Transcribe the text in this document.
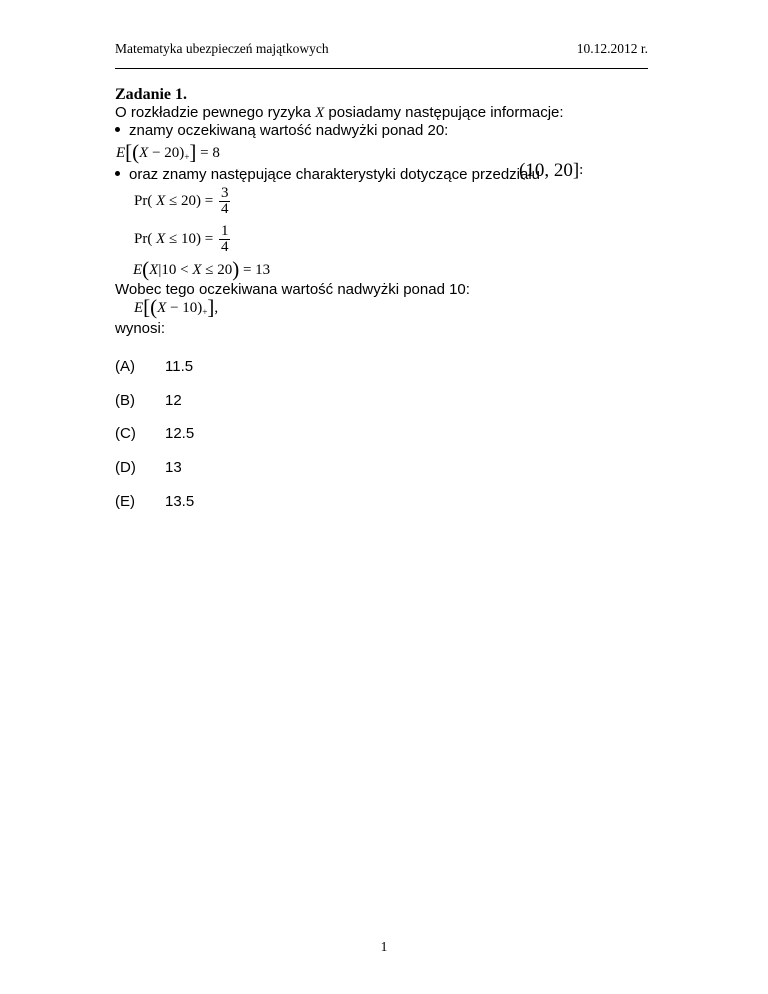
Matematyka ubezpieczeń majątkowych	10.12.2012 r.
Zadanie 1.
O rozkładzie pewnego ryzyka X posiadamy następujące informacje:
znamy oczekiwaną wartość nadwyżki ponad 20:
$E[(X - 20)_+] = 8$
oraz znamy następujące charakterystyki dotyczące przedziału
(10, 20]:
Pr( $X \le 20) = \frac{3}{4}$
Pr( $X \le 10) = \frac{1}{4}$
E(X|10 < X ≤ 20) = 13
Wobec tego oczekiwana wartość nadwyżki ponad 10:
$E[(X - 10)_+]$,
wynosi:
(A) 11.5
(B) 12
(C) 12.5
(D) 13
(E) 13.5
1
